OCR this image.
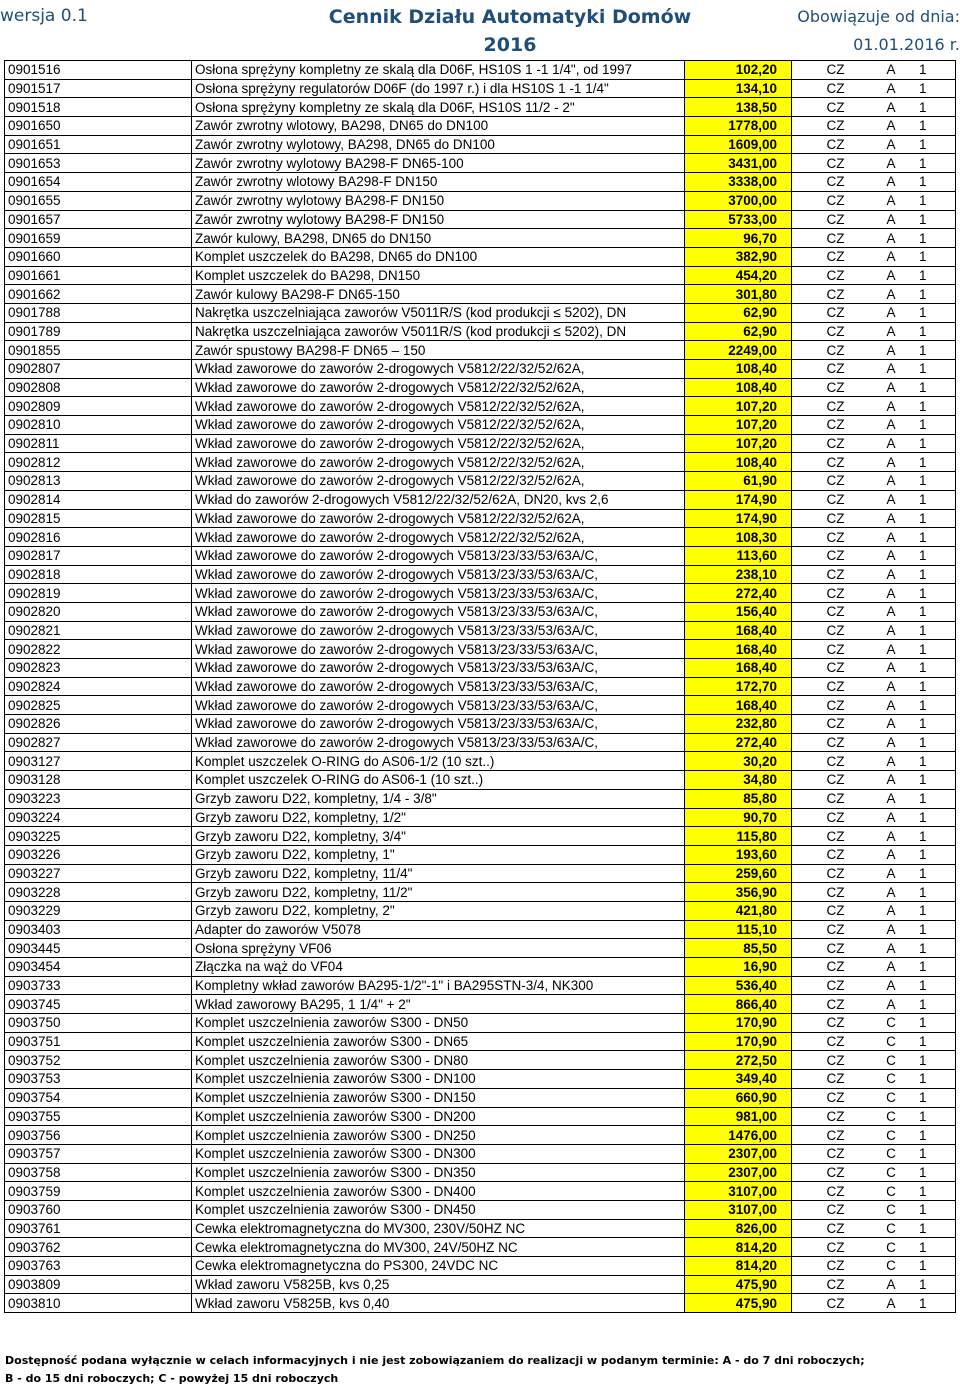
wersja 0.1	Cennik Działu Automatyki Domów
2016
Obowiązuje od dnia:
01.01.2016 r.
0901516	Osłona sprężyny kompletny ze skalą dla D06F, HS10S 1 -1 1/4", od 1997	102,20	CZ	A	1
0901517	Osłona sprężyny regulatorów D06F (do 1997 r.) i dla HS10S 1 -1 1/4"	134,10	CZ	A	1
0901518	Osłona sprężyny kompletny ze skalą dla D06F, HS10S 11/2 - 2"	138,50	CZ	A	1
0901650	Zawór zwrotny wlotowy, BA298, DN65 do DN100	1778,00	CZ	A	1
0901651	Zawór zwrotny wylotowy, BA298, DN65 do DN100	1609,00	CZ	A	1
0901653	Zawór zwrotny wylotowy BA298-F DN65-100	3431,00	CZ	A	1
0901654	Zawór zwrotny wlotowy BA298-F DN150	3338,00	CZ	A	1
0901655	Zawór zwrotny wylotowy BA298-F DN150	3700,00	CZ	A	1
0901657	Zawór zwrotny wylotowy BA298-F DN150	5733,00	CZ	A	1
0901659	Zawór kulowy, BA298, DN65 do DN150	96,70	CZ	A	1
0901660	Komplet uszczelek do BA298, DN65 do DN100	382,90	CZ	A	1
0901661	Komplet uszczelek do BA298, DN150	454,20	CZ	A	1
0901662	Zawór kulowy BA298-F DN65-150	301,80	CZ	A	1
0901788	Nakrętka uszczelniająca zaworów V5011R/S (kod produkcji ≤ 5202), DN	62,90	CZ	A	1
0901789	Nakrętka uszczelniająca zaworów V5011R/S (kod produkcji ≤ 5202), DN	62,90	CZ	A	1
0901855	Zawór spustowy BA298-F DN65 – 150	2249,00	CZ	A	1
0902807	Wkład zaworowe do zaworów 2-drogowych V5812/22/32/52/62A,	108,40	CZ	A	1
0902808	Wkład zaworowe do zaworów 2-drogowych V5812/22/32/52/62A,	108,40	CZ	A	1
0902809	Wkład zaworowe do zaworów 2-drogowych V5812/22/32/52/62A,	107,20	CZ	A	1
0902810	Wkład zaworowe do zaworów 2-drogowych V5812/22/32/52/62A,	107,20	CZ	A	1
0902811	Wkład zaworowe do zaworów 2-drogowych V5812/22/32/52/62A,	107,20	CZ	A	1
0902812	Wkład zaworowe do zaworów 2-drogowych V5812/22/32/52/62A,	108,40	CZ	A	1
0902813	Wkład zaworowe do zaworów 2-drogowych V5812/22/32/52/62A,	61,90	CZ	A	1
0902814	Wkład do zaworów 2-drogowych V5812/22/32/52/62A, DN20, kvs 2,6	174,90	CZ	A	1
0902815	Wkład zaworowe do zaworów 2-drogowych V5812/22/32/52/62A,	174,90	CZ	A	1
0902816	Wkład zaworowe do zaworów 2-drogowych V5812/22/32/52/62A,	108,30	CZ	A	1
0902817	Wkład zaworowe do zaworów 2-drogowych V5813/23/33/53/63A/C,	113,60	CZ	A	1
0902818	Wkład zaworowe do zaworów 2-drogowych V5813/23/33/53/63A/C,	238,10	CZ	A	1
0902819	Wkład zaworowe do zaworów 2-drogowych V5813/23/33/53/63A/C,	272,40	CZ	A	1
0902820	Wkład zaworowe do zaworów 2-drogowych V5813/23/33/53/63A/C,	156,40	CZ	A	1
0902821	Wkład zaworowe do zaworów 2-drogowych V5813/23/33/53/63A/C,	168,40	CZ	A	1
0902822	Wkład zaworowe do zaworów 2-drogowych V5813/23/33/53/63A/C,	168,40	CZ	A	1
0902823	Wkład zaworowe do zaworów 2-drogowych V5813/23/33/53/63A/C,	168,40	CZ	A	1
0902824	Wkład zaworowe do zaworów 2-drogowych V5813/23/33/53/63A/C,	172,70	CZ	A	1
0902825	Wkład zaworowe do zaworów 2-drogowych V5813/23/33/53/63A/C,	168,40	CZ	A	1
0902826	Wkład zaworowe do zaworów 2-drogowych V5813/23/33/53/63A/C,	232,80	CZ	A	1
0902827	Wkład zaworowe do zaworów 2-drogowych V5813/23/33/53/63A/C,	272,40	CZ	A	1
0903127	Komplet uszczelek O-RING do AS06-1/2 (10 szt..)	30,20	CZ	A	1
0903128	Komplet uszczelek O-RING do AS06-1 (10 szt..)	34,80	CZ	A	1
0903223	Grzyb zaworu D22, kompletny, 1/4 - 3/8"	85,80	CZ	A	1
0903224	Grzyb zaworu D22, kompletny, 1/2"	90,70	CZ	A	1
0903225	Grzyb zaworu D22, kompletny, 3/4"	115,80	CZ	A	1
0903226	Grzyb zaworu D22, kompletny, 1"	193,60	CZ	A	1
0903227	Grzyb zaworu D22, kompletny, 11/4"	259,60	CZ	A	1
0903228	Grzyb zaworu D22, kompletny, 11/2"	356,90	CZ	A	1
0903229	Grzyb zaworu D22, kompletny, 2"	421,80	CZ	A	1
0903403	Adapter do zaworów V5078	115,10	CZ	A	1
0903445	Osłona sprężyny VF06	85,50	CZ	A	1
0903454	Złączka na wąż do VF04	16,90	CZ	A	1
0903733	Kompletny wkład zaworów BA295-1/2"-1" i BA295STN-3/4, NK300	536,40	CZ	A	1
0903745	Wkład zaworowy BA295, 1 1/4" + 2"	866,40	CZ	A	1
0903750	Komplet uszczelnienia zaworów S300 - DN50	170,90	CZ	C	1
0903751	Komplet uszczelnienia zaworów S300 - DN65	170,90	CZ	C	1
0903752	Komplet uszczelnienia zaworów S300 - DN80	272,50	CZ	C	1
0903753	Komplet uszczelnienia zaworów S300 - DN100	349,40	CZ	C	1
0903754	Komplet uszczelnienia zaworów S300 - DN150	660,90	CZ	C	1
0903755	Komplet uszczelnienia zaworów S300 - DN200	981,00	CZ	C	1
0903756	Komplet uszczelnienia zaworów S300 - DN250	1476,00	CZ	C	1
0903757	Komplet uszczelnienia zaworów S300 - DN300	2307,00	CZ	C	1
0903758	Komplet uszczelnienia zaworów S300 - DN350	2307,00	CZ	C	1
0903759	Komplet uszczelnienia zaworów S300 - DN400	3107,00	CZ	C	1
0903760	Komplet uszczelnienia zaworów S300 - DN450	3107,00	CZ	C	1
0903761	Cewka elektromagnetyczna do MV300, 230V/50HZ NC	826,00	CZ	C	1
0903762	Cewka elektromagnetyczna do MV300, 24V/50HZ NC	814,20	CZ	C	1
0903763	Cewka elektromagnetyczna do PS300, 24VDC NC	814,20	CZ	C	1
0903809	Wkład zaworu V5825B, kvs 0,25	475,90	CZ	A	1
0903810	Wkład zaworu V5825B, kvs 0,40	475,90	CZ	A	1
Dostępność podana wyłącznie w celach informacyjnych i nie jest zobowiązaniem do realizacji w podanym terminie: A - do 7 dni roboczych;
B - do 15 dni roboczych; C - powyżej 15 dni roboczych
